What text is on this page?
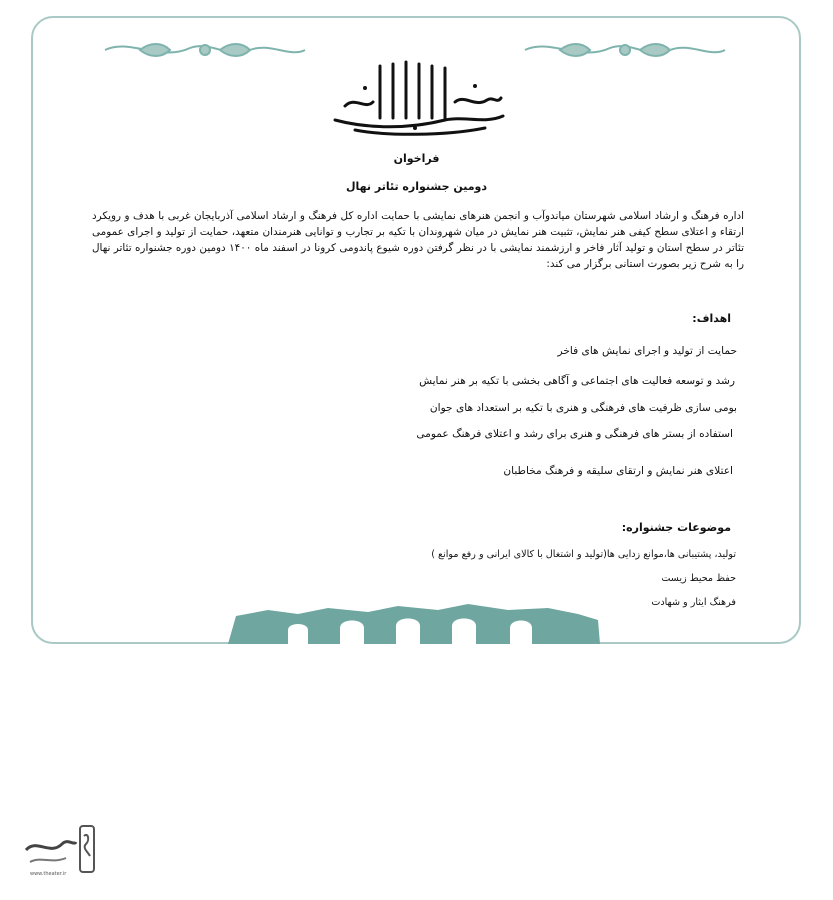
فراخوان
دومین جشنواره تئاتر نهال
اداره فرهنگ و ارشاد اسلامی شهرستان میاندوآب و انجمن هنرهای نمایشی با حمایت اداره کل فرهنگ و ارشاد اسلامی آذربایجان غربی با هدف و رویکرد ارتقاء و اعتلای سطح کیفی هنر نمایش، تثبیت هنر نمایش در میان شهروندان با تکیه بر تجارب و توانایی هنرمندان متعهد، حمایت از تولید و اجرای عمومی تئاتر در سطح استان و تولید آثار فاخر و ارزشمند نمایشی با در نظر گرفتن دوره شیوع پاندومی کرونا در اسفند ماه ۱۴۰۰ دومین دوره جشنواره تئاتر نهال را به شرح زیر بصورت استانی برگزار می کند:
اهداف:
حمایت از تولید و اجرای نمایش های فاخر
رشد و توسعه فعالیت های اجتماعی و آگاهی بخشی با تکیه بر هنر نمایش
بومی سازی ظرفیت های فرهنگی و هنری با تکیه بر استعداد های جوان
استفاده از بستر های فرهنگی و هنری برای رشد و اعتلای فرهنگ عمومی
اعتلای هنر نمایش و ارتقای سلیقه و فرهنگ مخاطبان
موضوعات جشنواره:
تولید، پشتیبانی ها،موانع زدایی ها(تولید و اشتغال با کالای ایرانی و رفع موانع )
حفظ محیط زیست
فرهنگ ایثار و شهادت
www.theater.ir
